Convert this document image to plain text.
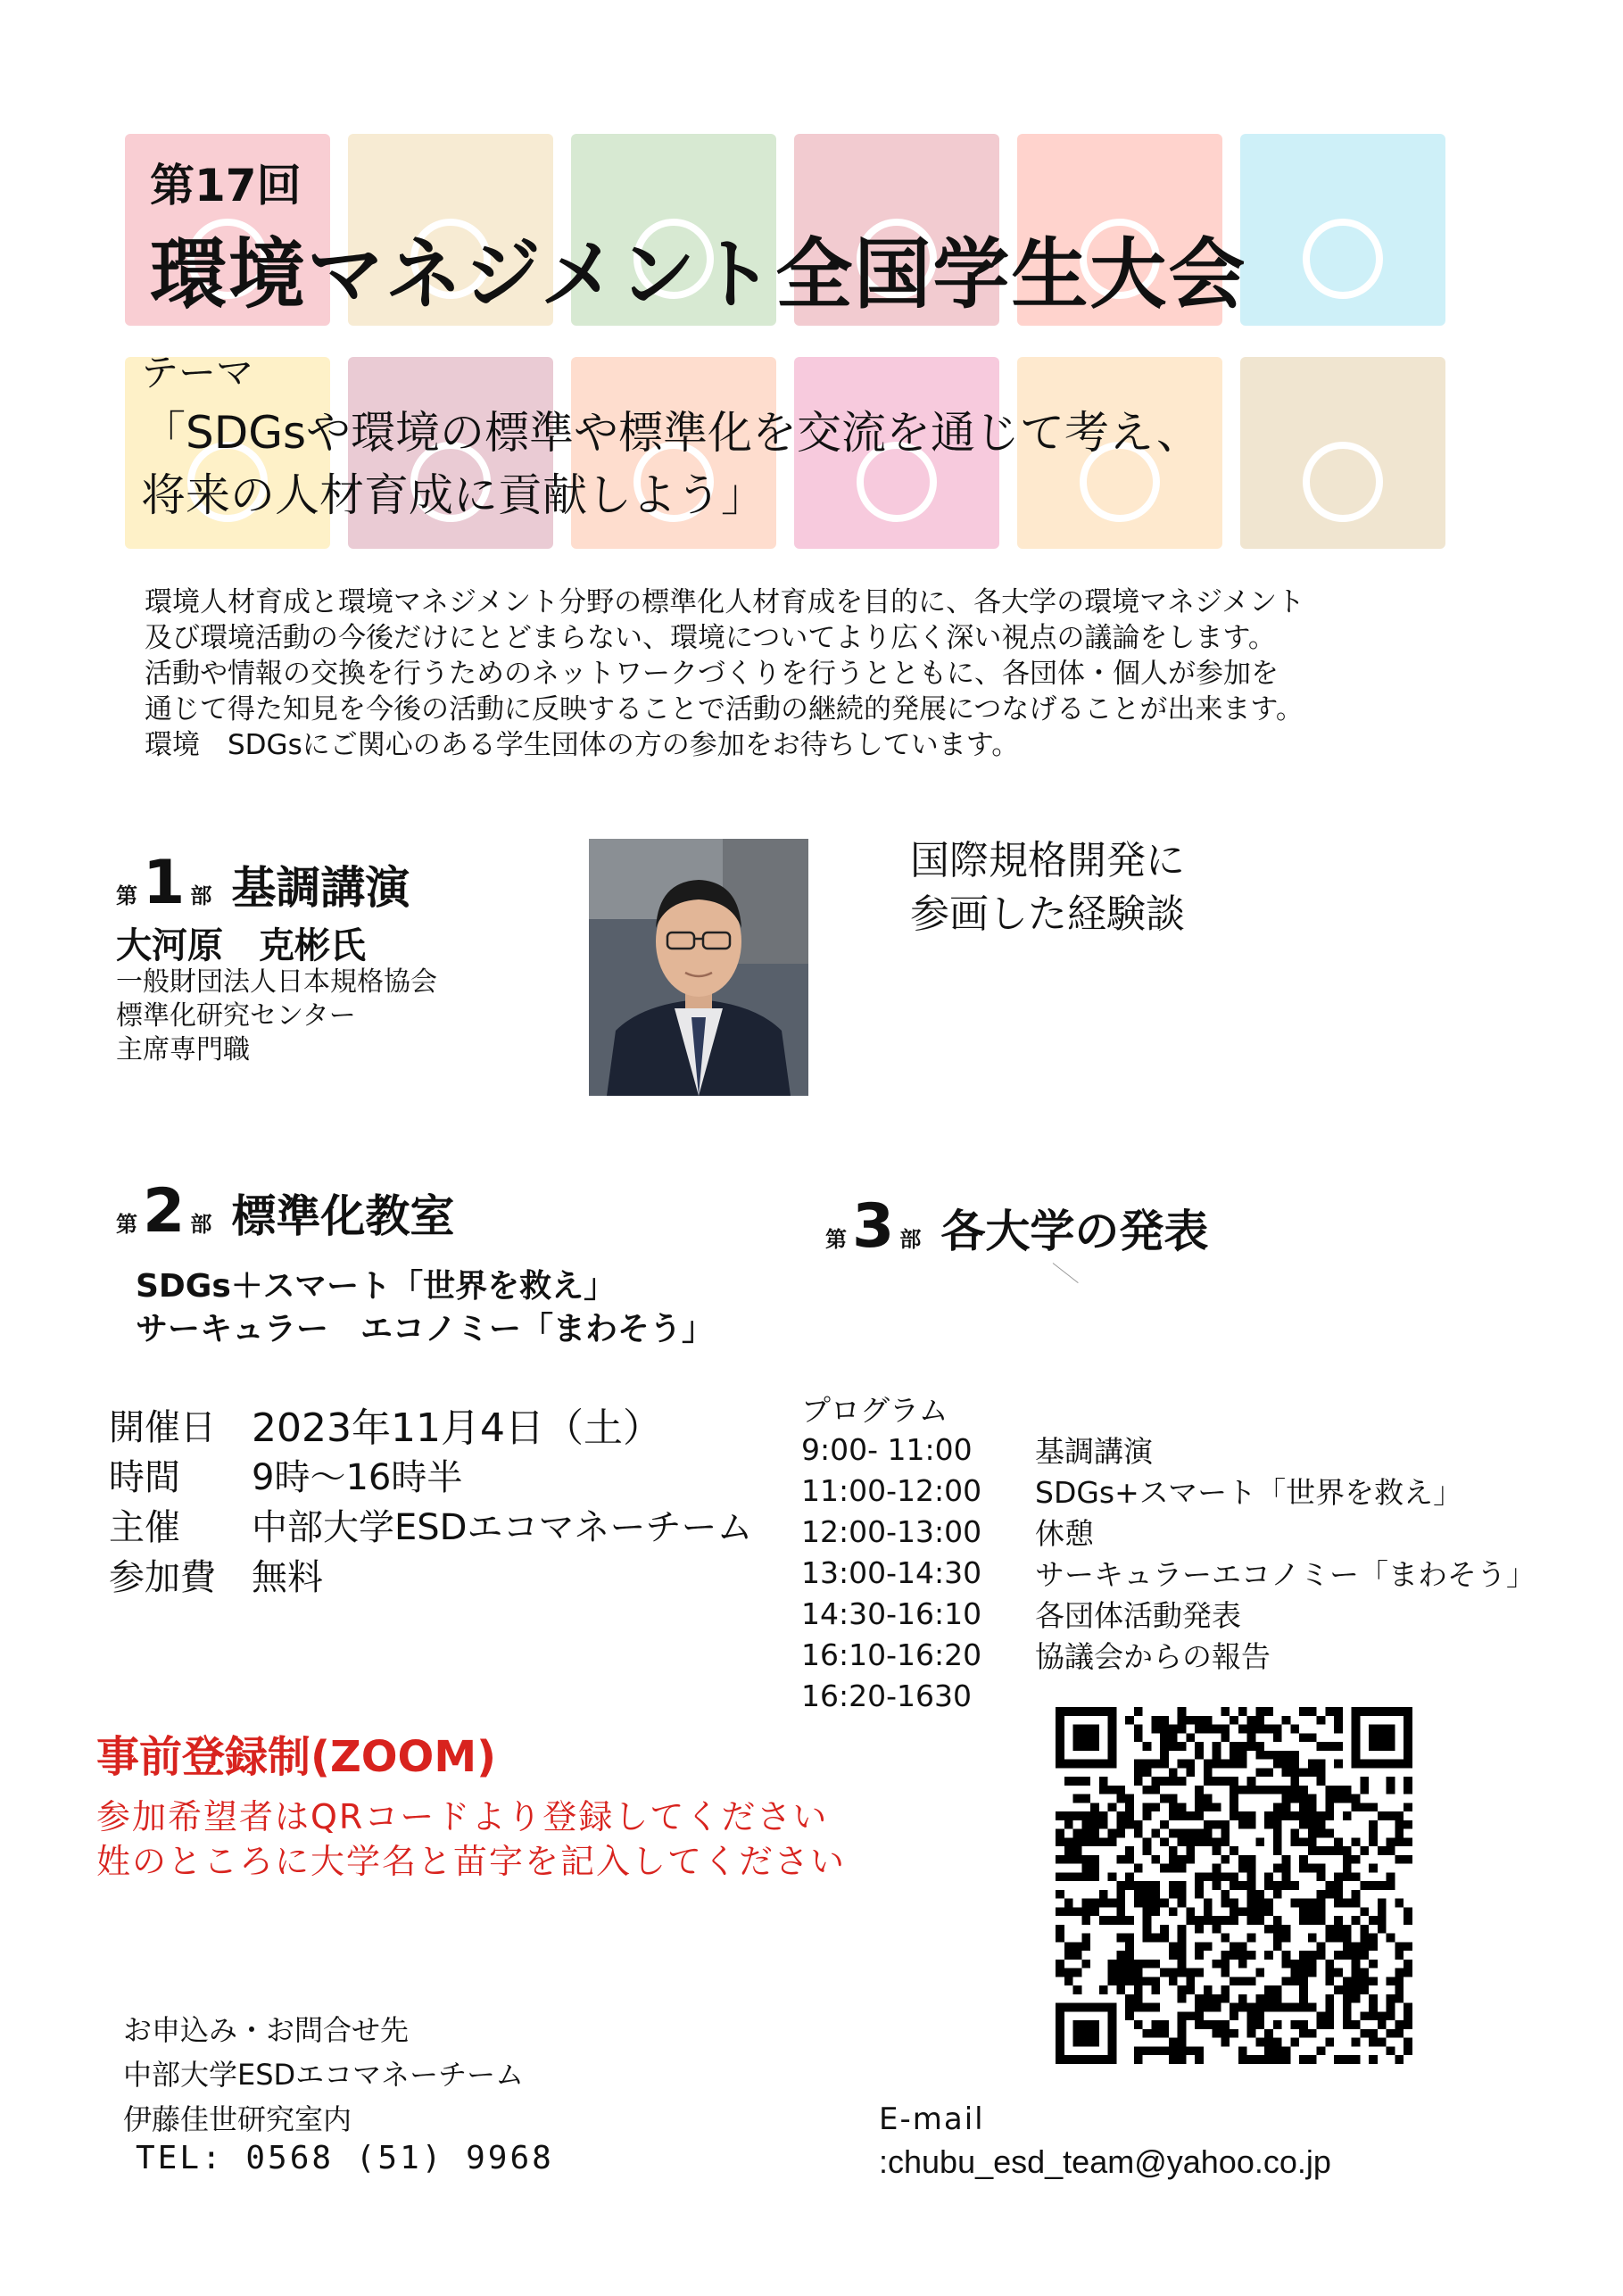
第17回
環境マネジメント全国学生大会
テーマ
「SDGsや環境の標準や標準化を交流を通じて考え、
将来の人材育成に貢献しよう」
環境人材育成と環境マネジメント分野の標準化人材育成を目的に、各大学の環境マネジメント
及び環境活動の今後だけにとどまらない、環境についてより広く深い視点の議論をします。
活動や情報の交換を行うためのネットワークづくりを行うとともに、各団体・個人が参加を
通じて得た知見を今後の活動に反映することで活動の継続的発展につなげることが出来ます。
環境　SDGsにご関心のある学生団体の方の参加をお待ちしています。
第 1 部 基調講演
大河原　克彬氏
一般財団法人日本規格協会
標準化研究センター
主席専門職
国際規格開発に
参画した経験談
第 2 部 標準化教室
SDGs＋スマート「世界を救え」
サーキュラー　エコノミー「まわそう」
第 3 部 各大学の発表
開催日 2023年11月4日（土）
時間	9時～16時半
主催	中部大学ESDエコマネーチーム
参加費	無料
プログラム
9:00- 11:00	基調講演
11:00-12:00	SDGs+スマート「世界を救え」
12:00-13:00	休憩
13:00-14:30	サーキュラーエコノミー「まわそう」
14:30-16:10	各団体活動発表
16:10-16:20	協議会からの報告
16:20-1630
事前登録制(ZOOM)
参加希望者はQRコードより登録してください
姓のところに大学名と苗字を記入してください
お申込み・お問合せ先
中部大学ESDエコマネーチーム
伊藤佳世研究室内
TEL: 0568 (51) 9968
E-mail
:chubu_esd_team@yahoo.co.jp
